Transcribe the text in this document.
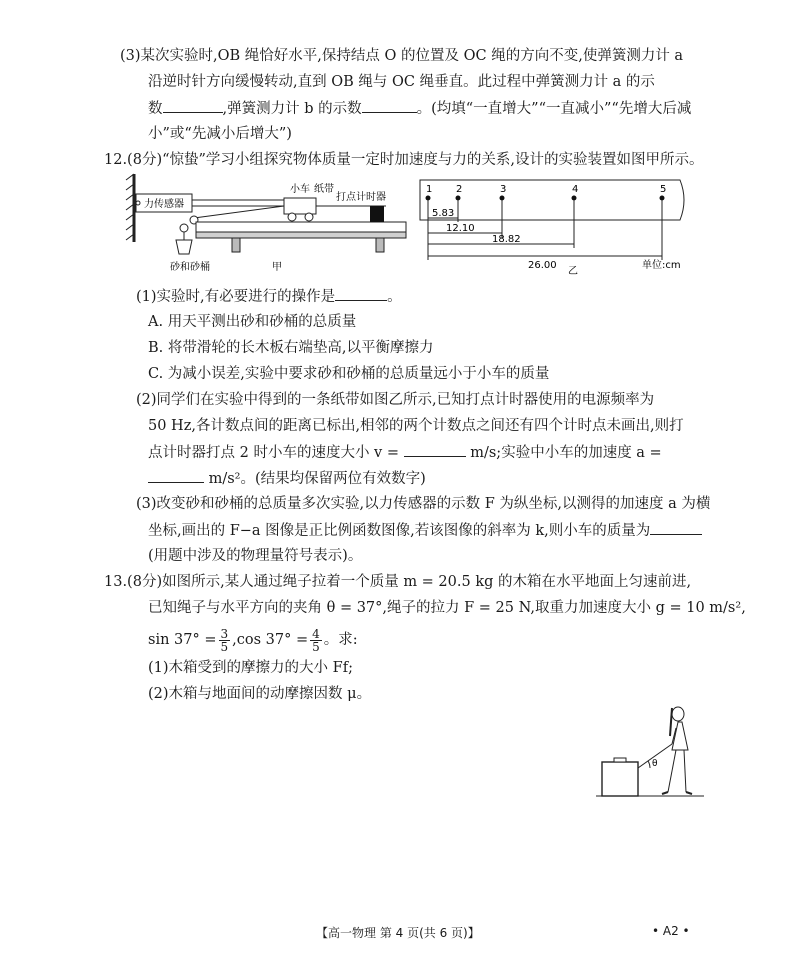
(3)某次实验时,OB 绳恰好水平,保持结点 O 的位置及 OC 绳的方向不变,使弹簧测力计 a
沿逆时针方向缓慢转动,直到 OB 绳与 OC 绳垂直。此过程中弹簧测力计 a 的示
数	,弹簧测力计 b 的示数	。(均填“一直增大”“一直减小”“先增大后减
小”或“先减小后增大”)
12.(8分)“惊蛰”学习小组探究物体质量一定时加速度与力的关系,设计的实验装置如图甲所示。
力传感器
小车 纸带
打点计时器
砂和砂桶	甲
1 2	3	4	5
5.83
12.10
18.82
26.00
乙
单位:cm
(1)实验时,有必要进行的操作是	。
A. 用天平测出砂和砂桶的总质量
B. 将带滑轮的长木板右端垫高,以平衡摩擦力
C. 为减小误差,实验中要求砂和砂桶的总质量远小于小车的质量
(2)同学们在实验中得到的一条纸带如图乙所示,已知打点计时器使用的电源频率为
50 Hz,各计数点间的距离已标出,相邻的两个计数点之间还有四个计时点未画出,则打
点计时器打点 2 时小车的速度大小 v =	m/s;实验中小车的加速度 a =
m/s²。(结果均保留两位有效数字)
(3)改变砂和砂桶的总质量多次实验,以力传感器的示数 F 为纵坐标,以测得的加速度 a 为横
坐标,画出的 F−a 图像是正比例函数图像,若该图像的斜率为 k,则小车的质量为
(用题中涉及的物理量符号表示)。
13.(8分)如图所示,某人通过绳子拉着一个质量 m = 20.5 kg 的木箱在水平地面上匀速前进,
已知绳子与水平方向的夹角 θ = 37°,绳子的拉力 F = 25 N,取重力加速度大小 g = 10 m/s²,
$\sin 37^\circ = \frac{3}{5} ,\cos$ $37^\circ = \frac{4}{5}$ 。求:
(1)木箱受到的摩擦力的大小 Ff;
(2)木箱与地面间的动摩擦因数 μ。
θ
【高一物理 第 4 页(共 6 页)】	• A2 •
